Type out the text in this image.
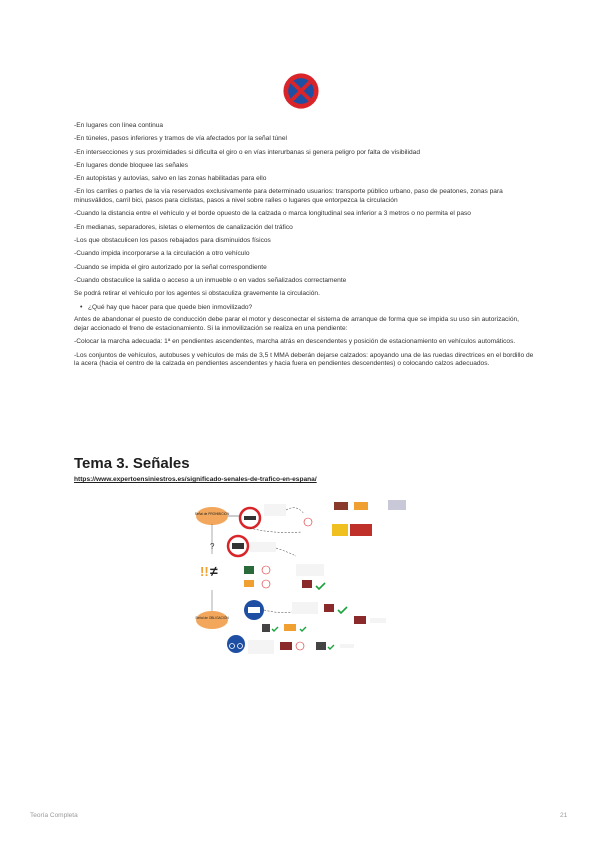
-En lugares con línea continua

-En túneles, pasos inferiores y tramos de vía afectados por la señal túnel

-En intersecciones y sus proximidades si dificulta el giro o en vías interurbanas si genera peligro por falta de visibilidad

-En lugares donde bloquee las señales

-En autopistas y autovías, salvo en las zonas habilitadas para ello

-En los carriles o partes de la vía reservados exclusivamente para determinado usuarios: transporte público urbano, paso de peatones, zonas para minusválidos, carril bici, pasos para ciclistas, pasos a nivel sobre raíles o lugares que entorpezca la circulación

-Cuando la distancia entre el vehículo y el borde opuesto de la calzada o marca longitudinal sea inferior a 3 metros o no permita el paso

-En medianas, separadores, isletas o elementos de canalización del tráfico

-Los que obstaculicen los pasos rebajados para disminuidos físicos

-Cuando impida incorporarse a la circulación a otro vehículo

-Cuando se impida el giro autorizado por la señal correspondiente

-Cuando obstaculice la salida o acceso a un inmueble o en vados señalizados correctamente

Se podrá retirar el vehículo por los agentes si obstaculiza gravemente la circulación.

• ¿Qué hay que hacer para que quede bien inmovilizado?

Antes de abandonar el puesto de conducción debe parar el motor y desconectar el sistema de arranque de forma que se impida su uso sin autorización, dejar accionado el freno de estacionamiento. Si la inmovilización se realiza en una pendiente:

-Colocar la marcha adecuada: 1ª en pendientes ascendentes, marcha atrás en descendentes y posición de estacionamiento en vehículos automáticos.

-Los conjuntos de vehículos, autobuses y vehículos de más de 3,5 t MMA deberán dejarse calzados: apoyando una de las ruedas directrices en el bordillo de la acera (hacia el centro de la calzada en pendientes ascendentes y hacia fuera en pendientes descendentes) o colocando calzos adecuados.

Tema 3. Señales
https://www.expertoensiniestros.es/significado-senales-de-trafico-en-espana/
Señal de PROHIBICIÓN
?
!! ≠
Señal de OBLIGACIÓN
Teoría Completa	21
